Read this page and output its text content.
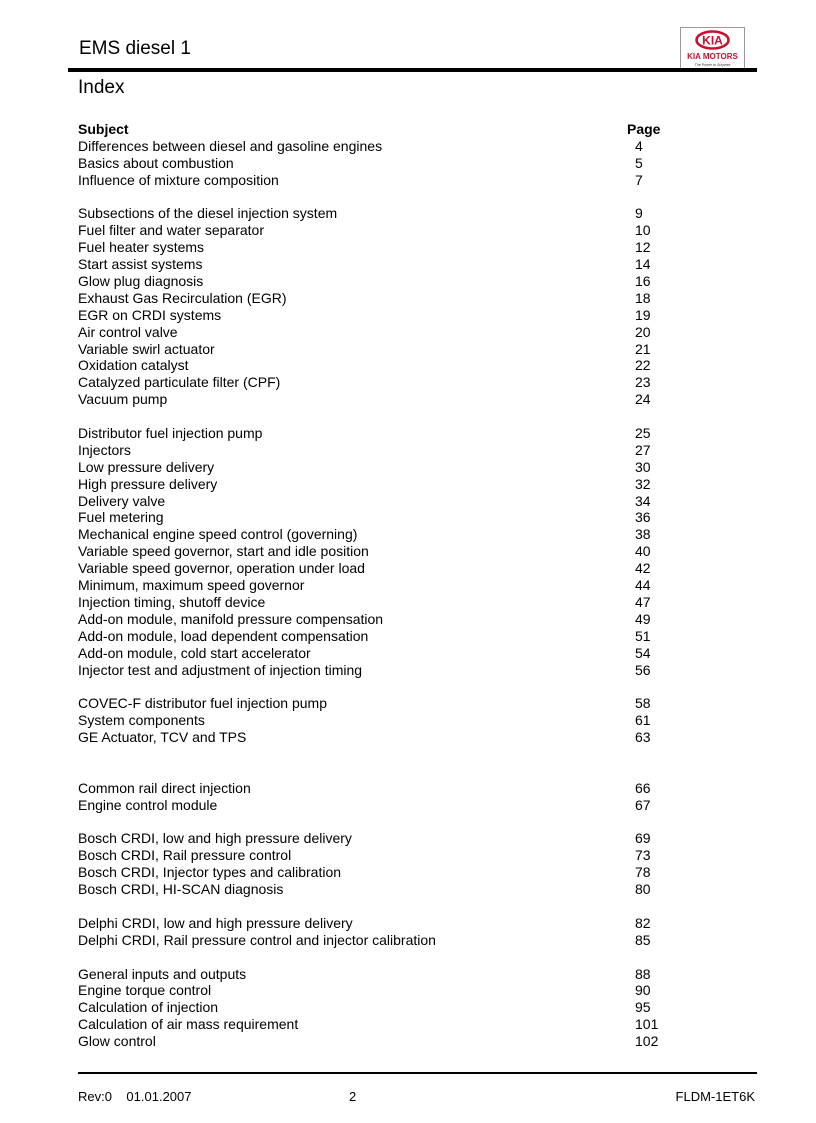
EMS diesel 1	KIA
KIA MOTORS
The Power to Surprise
Index
Subject	Page
Differences between diesel and gasoline engines	4
Basics about combustion	5
Influence of mixture composition	7
Subsections of the diesel injection system	9
Fuel filter and water separator	10
Fuel heater systems	12
Start assist systems	14
Glow plug diagnosis	16
Exhaust Gas Recirculation (EGR)	18
EGR on CRDI systems	19
Air control valve	20
Variable swirl actuator	21
Oxidation catalyst	22
Catalyzed particulate filter (CPF)	23
Vacuum pump	24
Distributor fuel injection pump	25
Injectors	27
Low pressure delivery	30
High pressure delivery	32
Delivery valve	34
Fuel metering	36
Mechanical engine speed control (governing)	38
Variable speed governor, start and idle position	40
Variable speed governor, operation under load	42
Minimum, maximum speed governor	44
Injection timing, shutoff device	47
Add-on module, manifold pressure compensation	49
Add-on module, load dependent compensation	51
Add-on module, cold start accelerator	54
Injector test and adjustment of injection timing	56
COVEC-F distributor fuel injection pump	58
System components	61
GE Actuator, TCV and TPS	63
Common rail direct injection	66
Engine control module	67
Bosch CRDI, low and high pressure delivery	69
Bosch CRDI, Rail pressure control	73
Bosch CRDI, Injector types and calibration	78
Bosch CRDI, HI-SCAN diagnosis	80
Delphi CRDI, low and high pressure delivery	82
Delphi CRDI, Rail pressure control and injector calibration	85
General inputs and outputs	88
Engine torque control	90
Calculation of injection	95
Calculation of air mass requirement	101
Glow control	102
Rev:0 01.01.2007	2	FLDM-1ET6K
